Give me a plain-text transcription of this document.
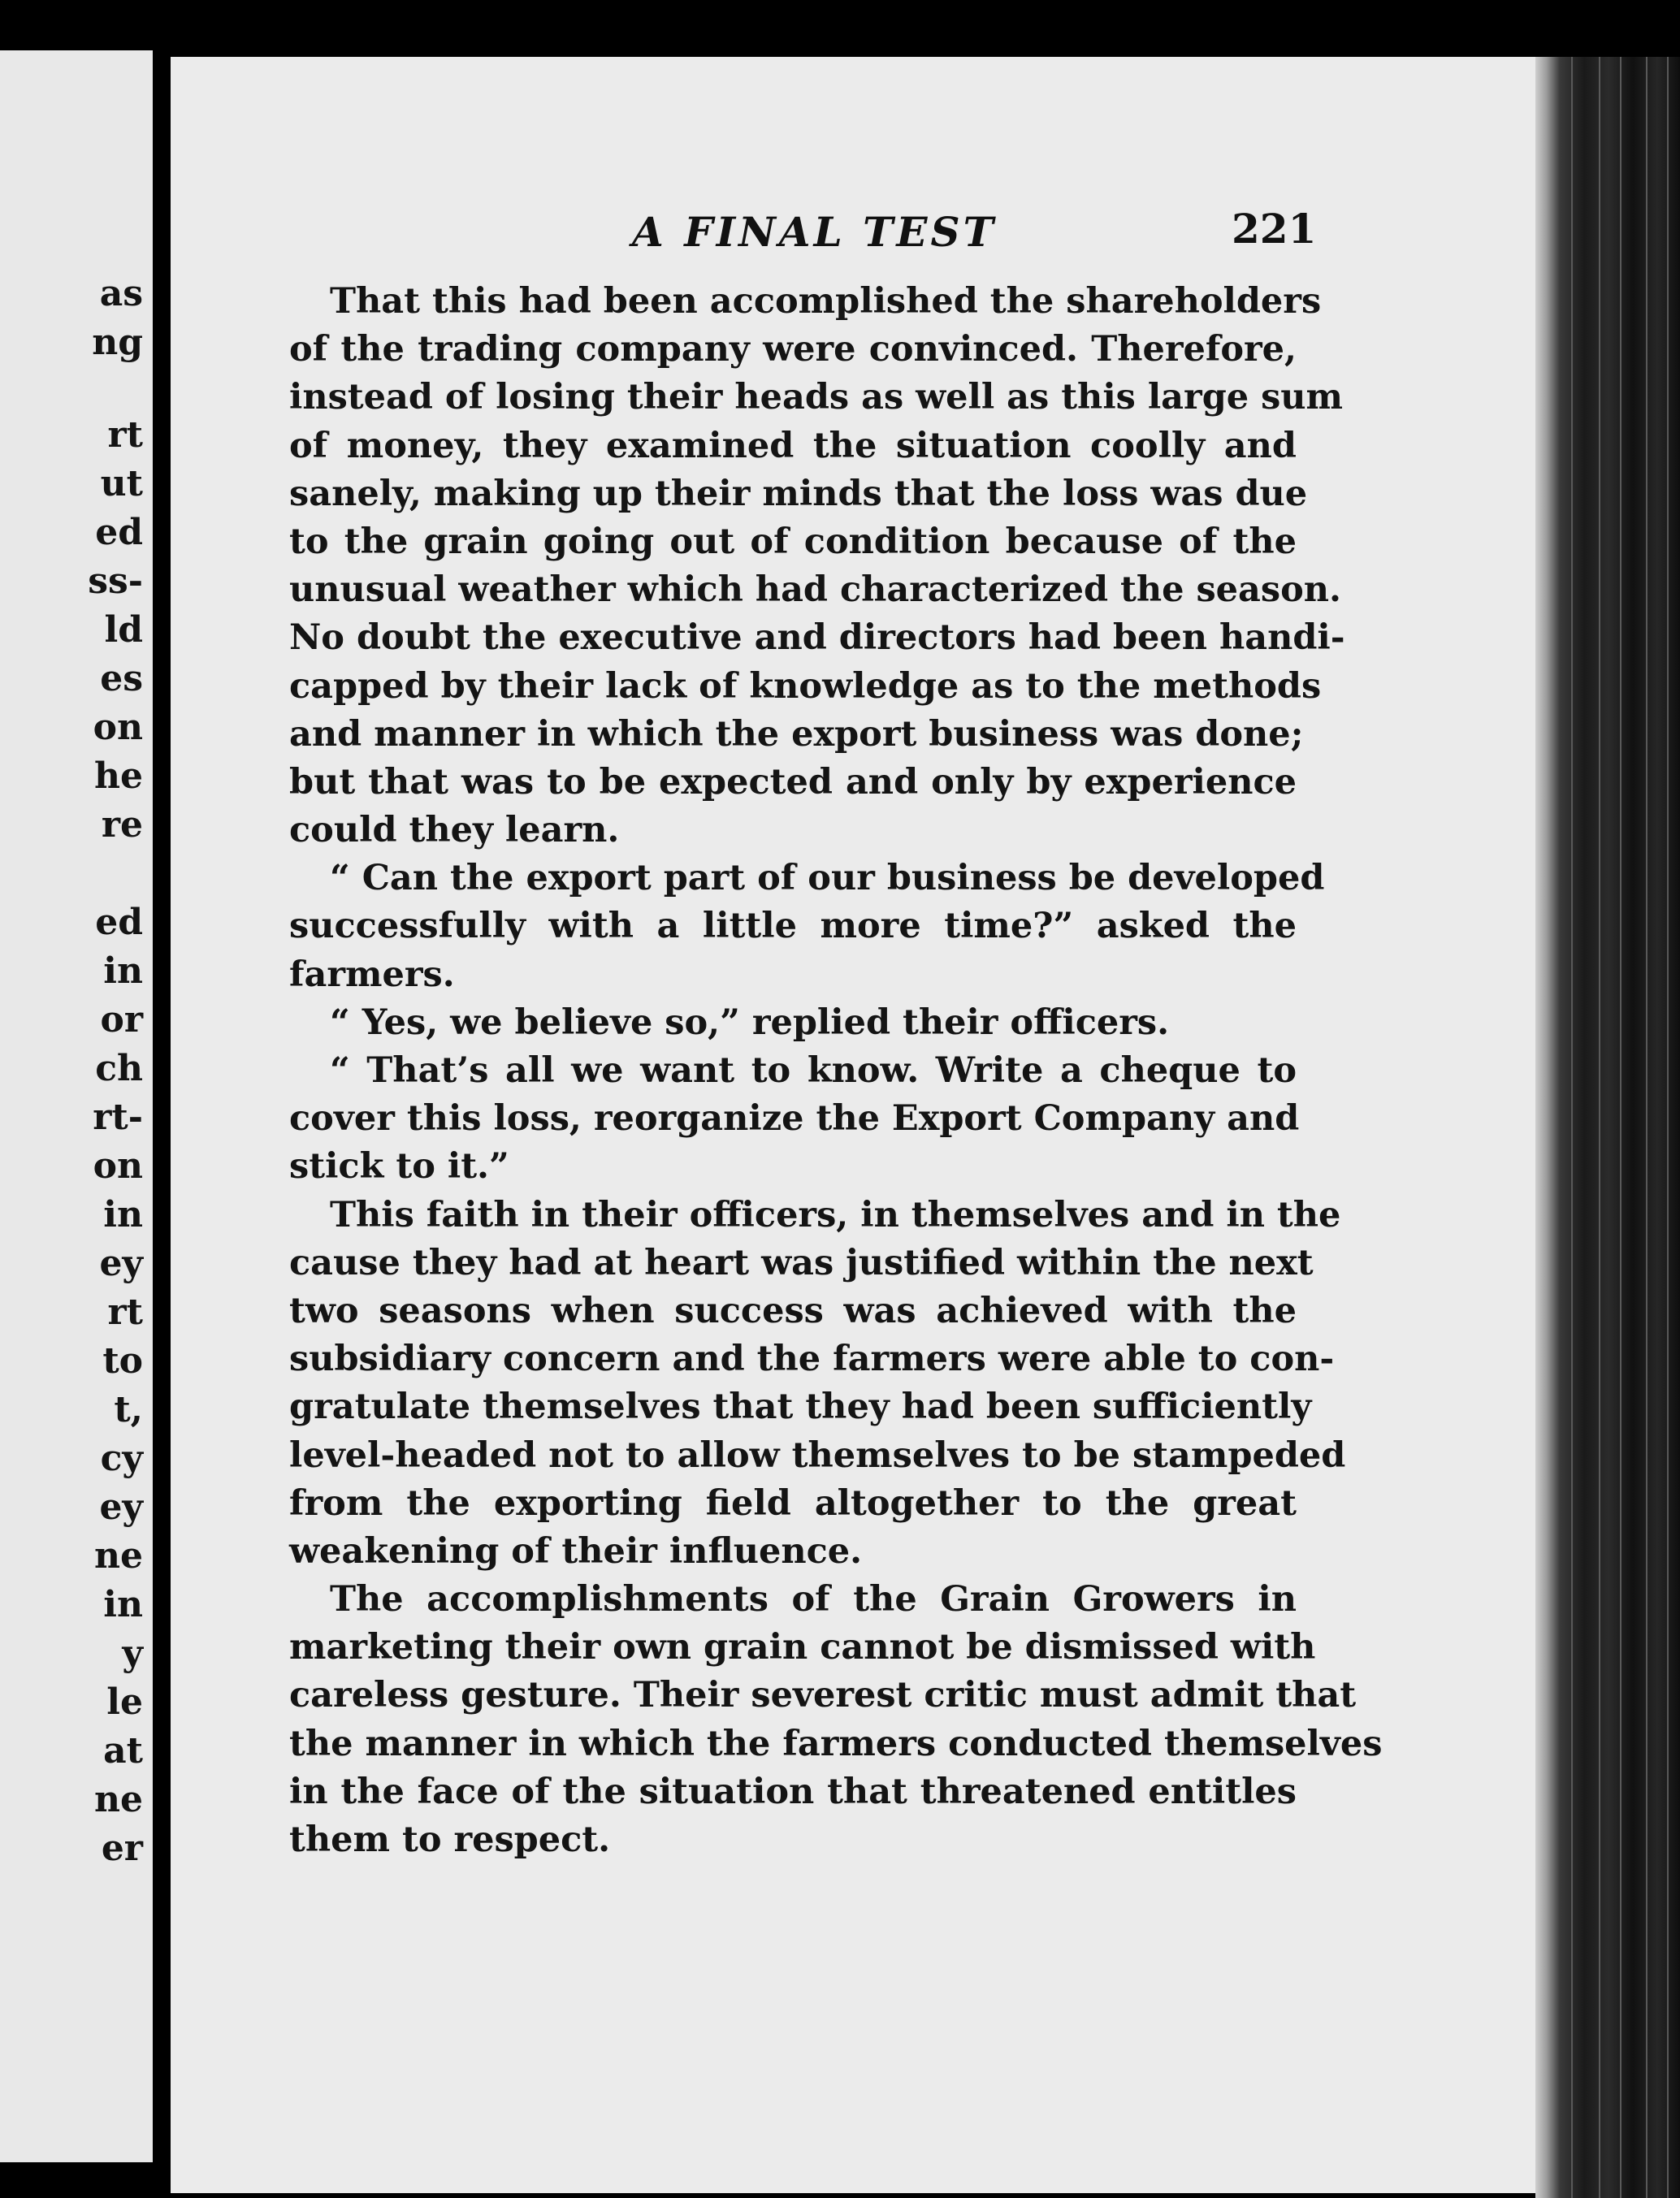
as
ng
rt
ut
ed
ss-
ld
es
on
he
re
ed
in
or
ch
rt-
on
in
ey
rt
to
t,
cy
ey
ne
in
y
le
at
ne
er
A FINAL TEST	221
That this had been accomplished the shareholders
of the trading company were convinced. Therefore,
instead of losing their heads as well as this large sum
of money, they examined the situation coolly and
sanely, making up their minds that the loss was due
to the grain going out of condition because of the
unusual weather which had characterized the season.
No doubt the executive and directors had been handi-
capped by their lack of knowledge as to the methods
and manner in which the export business was done;
but that was to be expected and only by experience
could they learn.
“ Can the export part of our business be developed
successfully with a little more time?” asked the
farmers.
“ Yes, we believe so,” replied their officers.
“ That’s all we want to know. Write a cheque to
cover this loss, reorganize the Export Company and
stick to it.”
This faith in their officers, in themselves and in the
cause they had at heart was justified within the next
two seasons when success was achieved with the
subsidiary concern and the farmers were able to con-
gratulate themselves that they had been sufficiently
level-headed not to allow themselves to be stampeded
from the exporting field altogether to the great
weakening of their influence.
The accomplishments of the Grain Growers in
marketing their own grain cannot be dismissed with
careless gesture. Their severest critic must admit that
the manner in which the farmers conducted themselves
in the face of the situation that threatened entitles
them to respect.
